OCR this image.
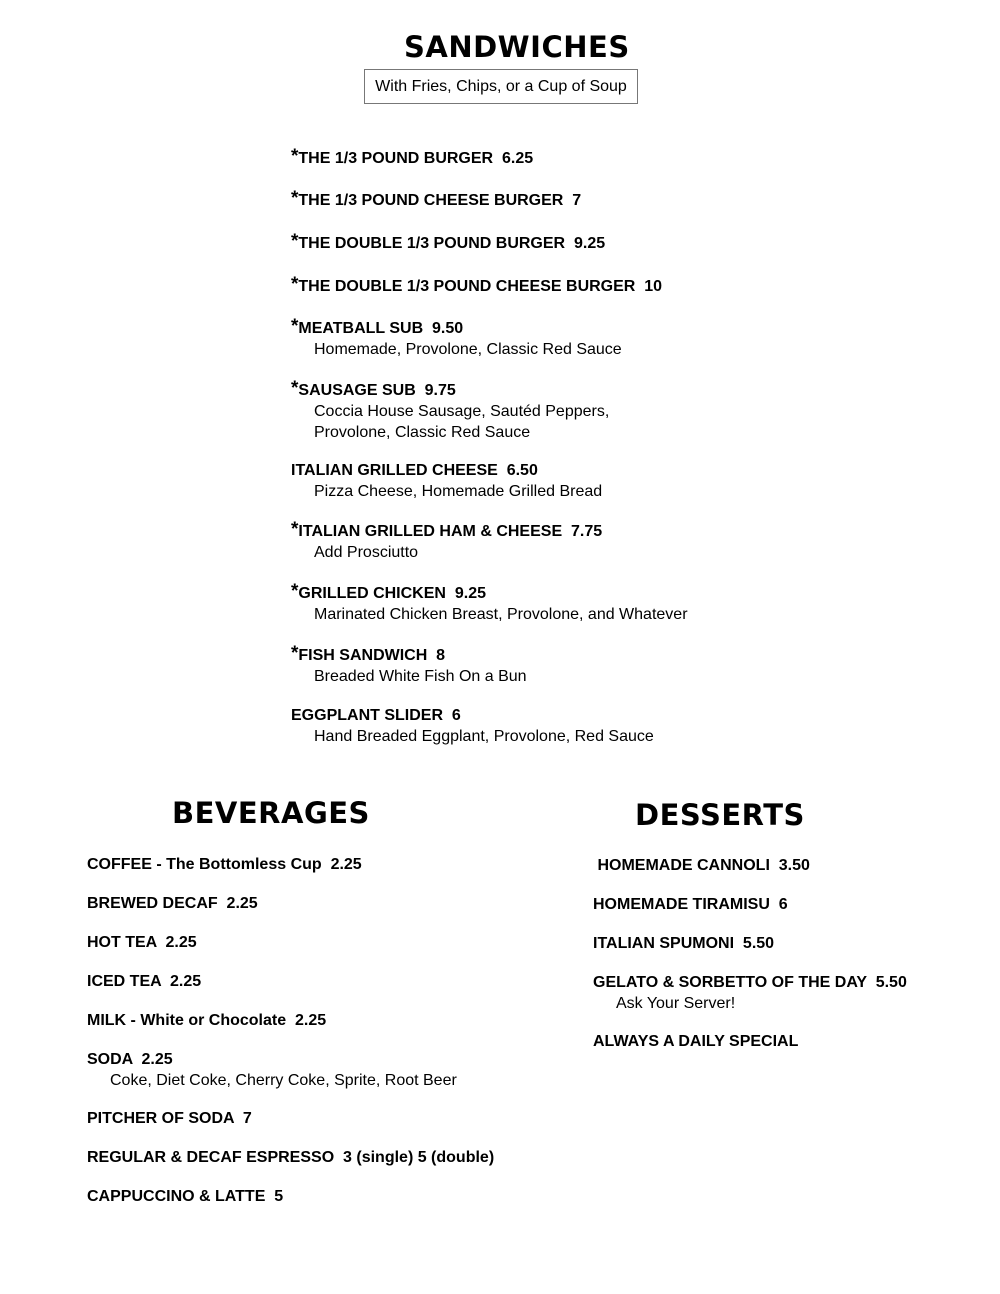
SANDWICHES
With Fries, Chips, or a Cup of Soup
*THE 1/3 POUND BURGER  6.25
*THE 1/3 POUND CHEESE BURGER  7
*THE DOUBLE 1/3 POUND BURGER  9.25
*THE DOUBLE 1/3 POUND CHEESE BURGER  10
*MEATBALL SUB  9.50
Homemade, Provolone, Classic Red Sauce
*SAUSAGE SUB  9.75
Coccia House Sausage, Sautéd Peppers,
Provolone, Classic Red Sauce
ITALIAN GRILLED CHEESE  6.50
Pizza Cheese, Homemade Grilled Bread
*ITALIAN GRILLED HAM & CHEESE  7.75
Add Prosciutto
*GRILLED CHICKEN  9.25
Marinated Chicken Breast, Provolone, and Whatever
*FISH SANDWICH  8
Breaded White Fish On a Bun
EGGPLANT SLIDER  6
Hand Breaded Eggplant, Provolone, Red Sauce
BEVERAGES
COFFEE - The Bottomless Cup  2.25
BREWED DECAF  2.25
HOT TEA  2.25
ICED TEA  2.25
MILK - White or Chocolate  2.25
SODA  2.25
Coke, Diet Coke, Cherry Coke, Sprite, Root Beer
PITCHER OF SODA  7
REGULAR & DECAF ESPRESSO  3 (single) 5 (double)
CAPPUCCINO & LATTE  5
DESSERTS
HOMEMADE CANNOLI  3.50
HOMEMADE TIRAMISU  6
ITALIAN SPUMONI  5.50
GELATO & SORBETTO OF THE DAY  5.50
Ask Your Server!
ALWAYS A DAILY SPECIAL
